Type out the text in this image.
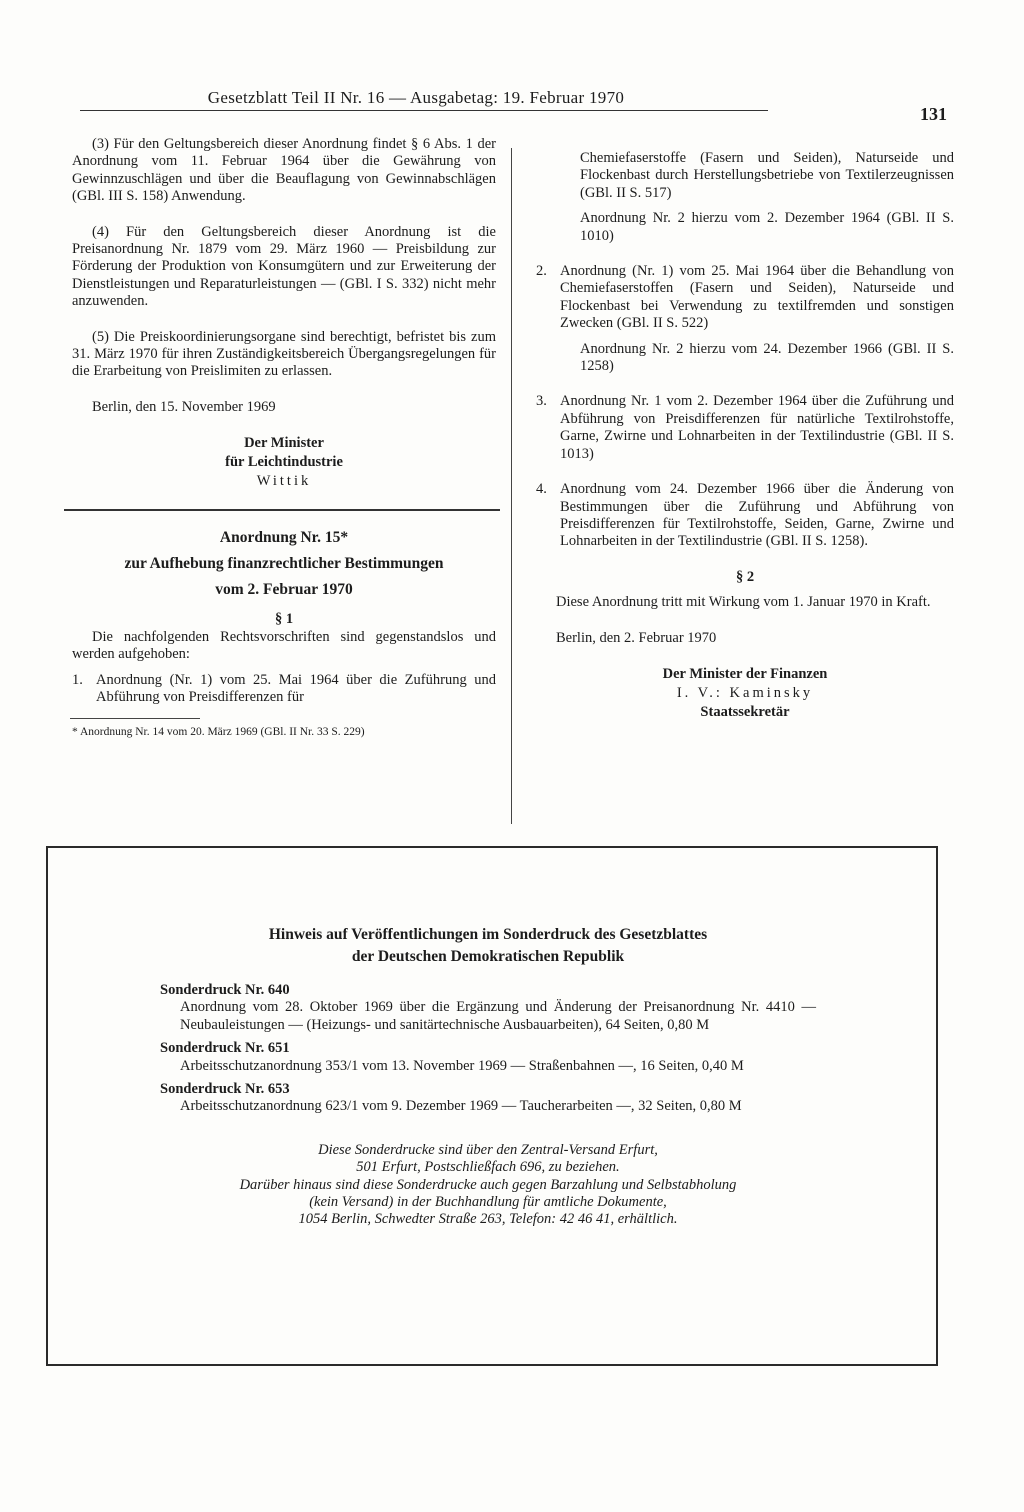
Gesetzblatt Teil II Nr. 16 — Ausgabetag: 19. Februar 1970
131

(3) Für den Geltungsbereich dieser Anordnung findet § 6 Abs. 1 der Anordnung vom 11. Februar 1964 über die Gewährung von Gewinnzuschlägen und über die Beauflagung von Gewinnabschlägen (GBl. III S. 158) Anwendung.

(4) Für den Geltungsbereich dieser Anordnung ist die Preisanordnung Nr. 1879 vom 29. März 1960 — Preisbildung zur Förderung der Produktion von Konsumgütern und zur Erweiterung der Dienstleistungen und Reparaturleistungen — (GBl. I S. 332) nicht mehr anzuwenden.

(5) Die Preiskoordinierungsorgane sind berechtigt, befristet bis zum 31. März 1970 für ihren Zuständigkeitsbereich Übergangsregelungen für die Erarbeitung von Preislimiten zu erlassen.

Berlin, den 15. November 1969

Der Minister
für Leichtindustrie
Wittik
Anordnung Nr. 15*
zur Aufhebung finanzrechtlicher Bestimmungen
vom 2. Februar 1970
§ 1

Die nachfolgenden Rechtsvorschriften sind gegenstandslos und werden aufgehoben:

1. Anordnung (Nr. 1) vom 25. Mai 1964 über die Zuführung und Abführung von Preisdifferenzen für
* Anordnung Nr. 14 vom 20. März 1969 (GBl. II Nr. 33 S. 229)

Chemiefaserstoffe (Fasern und Seiden), Naturseide und Flockenbast durch Herstellungsbetriebe von Textilerzeugnissen (GBl. II S. 517)

Anordnung Nr. 2 hierzu vom 2. Dezember 1964 (GBl. II S. 1010)

2. Anordnung (Nr. 1) vom 25. Mai 1964 über die Behandlung von Chemiefaserstoffen (Fasern und Seiden), Naturseide und Flockenbast bei Verwendung zu textilfremden und sonstigen Zwecken (GBl. II S. 522)

Anordnung Nr. 2 hierzu vom 24. Dezember 1966 (GBl. II S. 1258)

3. Anordnung Nr. 1 vom 2. Dezember 1964 über die Zuführung und Abführung von Preisdifferenzen für natürliche Textilrohstoffe, Garne, Zwirne und Lohnarbeiten in der Textilindustrie (GBl. II S. 1013)
4. Anordnung vom 24. Dezember 1966 über die Änderung von Bestimmungen über die Zuführung und Abführung von Preisdifferenzen für Textilrohstoffe, Seiden, Garne, Zwirne und Lohnarbeiten in der Textilindustrie (GBl. II S. 1258).
§ 2

Diese Anordnung tritt mit Wirkung vom 1. Januar 1970 in Kraft.

Berlin, den 2. Februar 1970

Der Minister der Finanzen
I. V.: Kaminsky
Staatssekretär
Hinweis auf Veröffentlichungen im Sonderdruck des Gesetzblattes
der Deutschen Demokratischen Republik
Sonderdruck Nr. 640
Anordnung vom 28. Oktober 1969 über die Ergänzung und Änderung der Preisanordnung Nr. 4410 — Neubauleistungen — (Heizungs- und sanitärtechnische Ausbauarbeiten), 64 Seiten, 0,80 M
Sonderdruck Nr. 651
Arbeitsschutzanordnung 353/1 vom 13. November 1969 — Straßenbahnen —, 16 Seiten, 0,40 M
Sonderdruck Nr. 653
Arbeitsschutzanordnung 623/1 vom 9. Dezember 1969 — Taucherarbeiten —, 32 Seiten, 0,80 M
Diese Sonderdrucke sind über den Zentral-Versand Erfurt,
501 Erfurt, Postschließfach 696, zu beziehen.
Darüber hinaus sind diese Sonderdrucke auch gegen Barzahlung und Selbstabholung
(kein Versand) in der Buchhandlung für amtliche Dokumente,
1054 Berlin, Schwedter Straße 263, Telefon: 42 46 41, erhältlich.
